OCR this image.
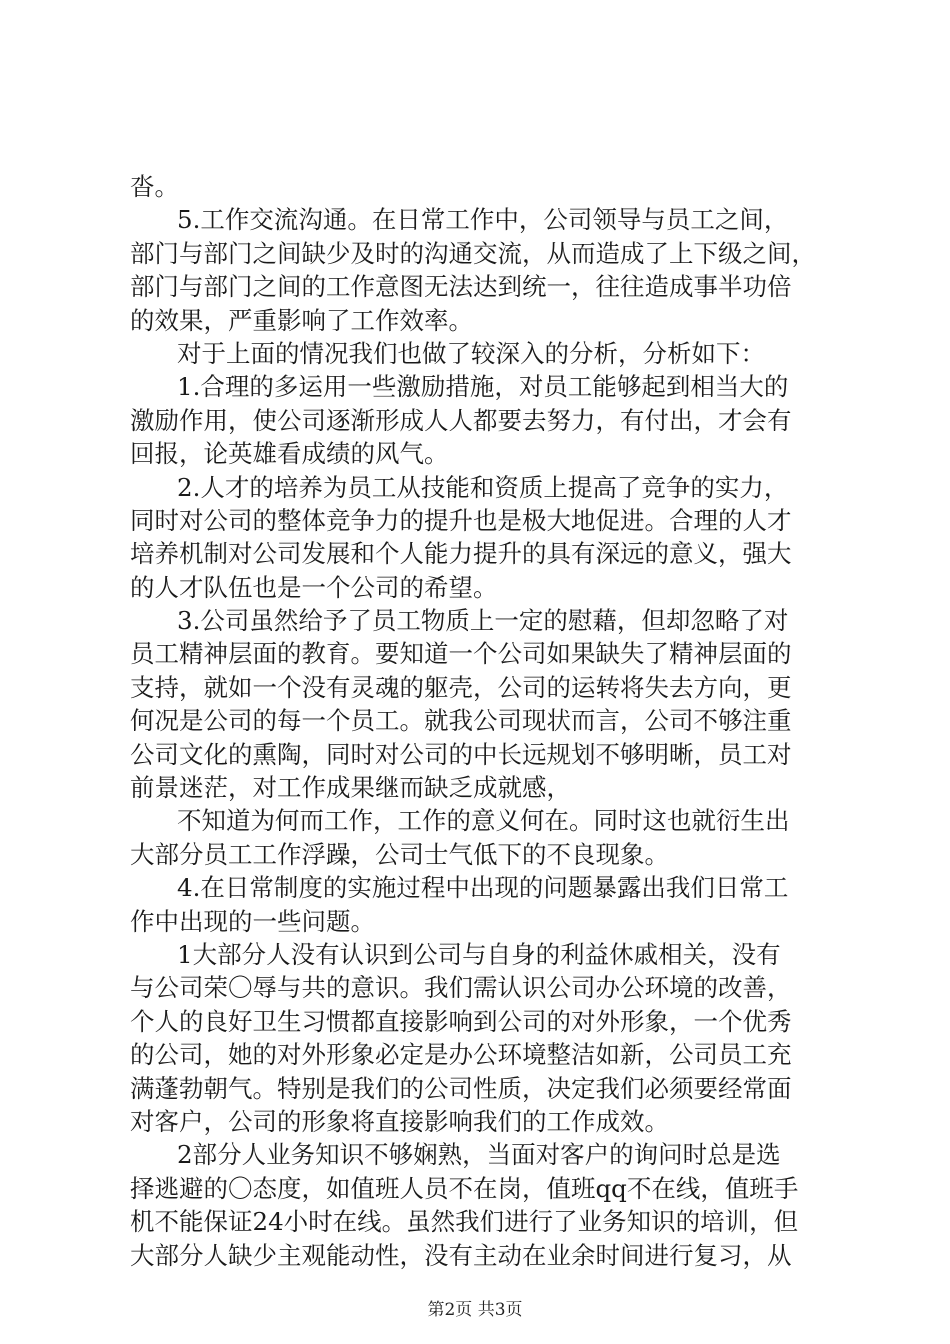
沓。
5.工作交流沟通。在日常工作中，公司领导与员工之间，
部门与部门之间缺少及时的沟通交流，从而造成了上下级之间，
部门与部门之间的工作意图无法达到统一，往往造成事半功倍
的效果，严重影响了工作效率。
对于上面的情况我们也做了较深入的分析，分析如下：
1.合理的多运用一些激励措施，对员工能够起到相当大的
激励作用，使公司逐渐形成人人都要去努力，有付出，才会有
回报，论英雄看成绩的风气。
2.人才的培养为员工从技能和资质上提高了竞争的实力，
同时对公司的整体竞争力的提升也是极大地促进。合理的人才
培养机制对公司发展和个人能力提升的具有深远的意义，强大
的人才队伍也是一个公司的希望。
3.公司虽然给予了员工物质上一定的慰藉，但却忽略了对
员工精神层面的教育。要知道一个公司如果缺失了精神层面的
支持，就如一个没有灵魂的躯壳，公司的运转将失去方向，更
何况是公司的每一个员工。就我公司现状而言，公司不够注重
公司文化的熏陶，同时对公司的中长远规划不够明晰，员工对
前景迷茫，对工作成果继而缺乏成就感，
不知道为何而工作，工作的意义何在。同时这也就衍生出
大部分员工工作浮躁，公司士气低下的不良现象。
4.在日常制度的实施过程中出现的问题暴露出我们日常工
作中出现的一些问题。
1大部分人没有认识到公司与自身的利益休戚相关，没有
与公司荣〇辱与共的意识。我们需认识公司办公环境的改善，
个人的良好卫生习惯都直接影响到公司的对外形象，一个优秀
的公司，她的对外形象必定是办公环境整洁如新，公司员工充
满蓬勃朝气。特别是我们的公司性质，决定我们必须要经常面
对客户，公司的形象将直接影响我们的工作成效。
2部分人业务知识不够娴熟，当面对客户的询问时总是选
择逃避的〇态度，如值班人员不在岗，值班qq不在线，值班手
机不能保证24小时在线。虽然我们进行了业务知识的培训，但
大部分人缺少主观能动性，没有主动在业余时间进行复习，从
第2页 共3页
